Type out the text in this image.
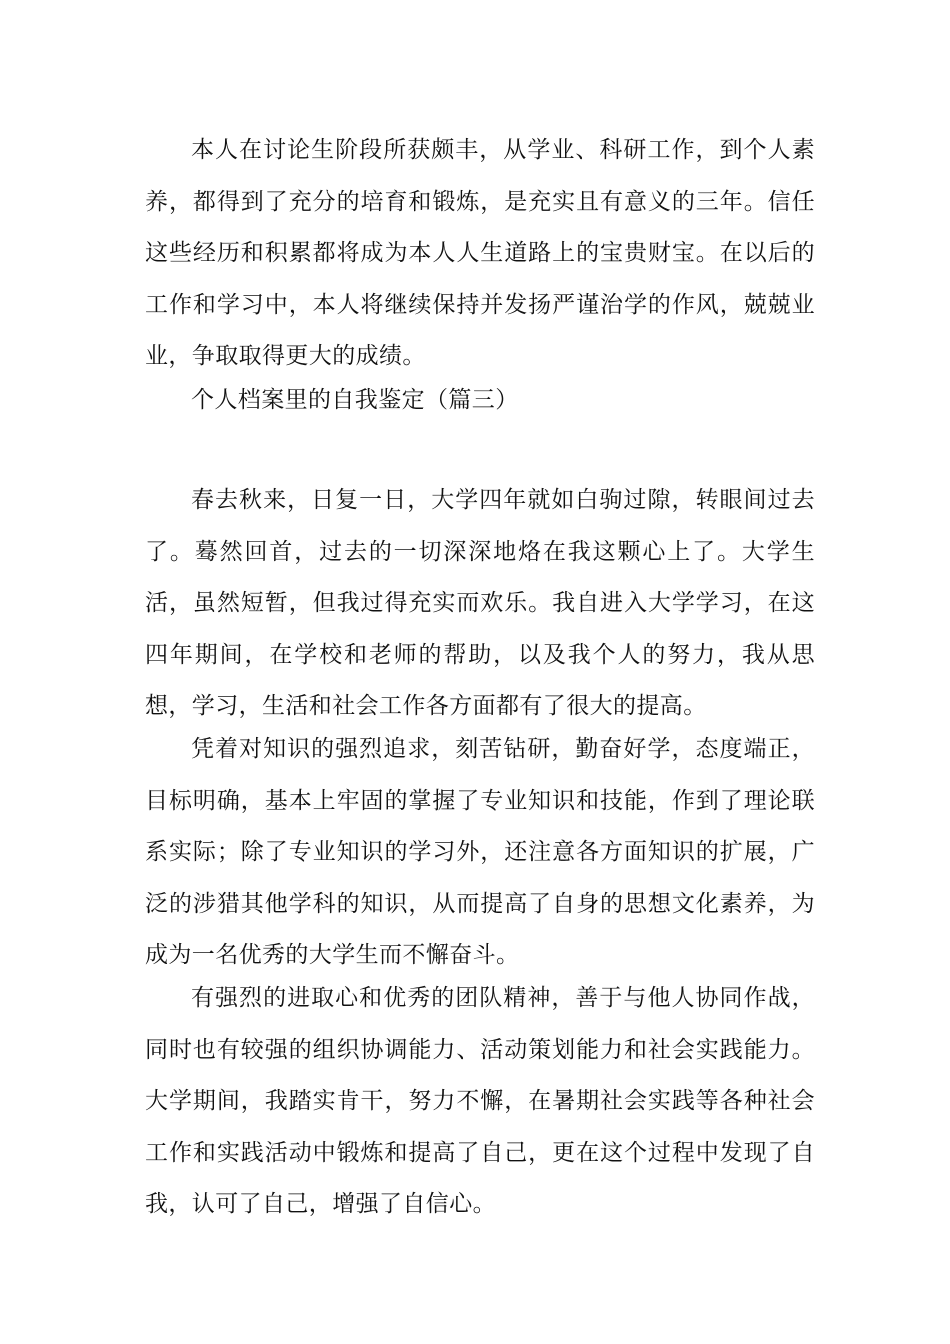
本人在讨论生阶段所获颇丰，从学业、科研工作，到个人素养，都得到了充分的培育和锻炼，是充实且有意义的三年。信任这些经历和积累都将成为本人人生道路上的宝贵财宝。在以后的工作和学习中，本人将继续保持并发扬严谨治学的作风，兢兢业业，争取取得更大的成绩。

个人档案里的自我鉴定（篇三）

春去秋来，日复一日，大学四年就如白驹过隙，转眼间过去了。蓦然回首，过去的一切深深地烙在我这颗心上了。大学生活，虽然短暂，但我过得充实而欢乐。我自进入大学学习，在这四年期间，在学校和老师的帮助，以及我个人的努力，我从思想，学习，生活和社会工作各方面都有了很大的提高。

凭着对知识的强烈追求，刻苦钻研，勤奋好学，态度端正，目标明确，基本上牢固的掌握了专业知识和技能，作到了理论联系实际；除了专业知识的学习外，还注意各方面知识的扩展，广泛的涉猎其他学科的知识，从而提高了自身的思想文化素养，为成为一名优秀的大学生而不懈奋斗。

有强烈的进取心和优秀的团队精神，善于与他人协同作战，同时也有较强的组织协调能力、活动策划能力和社会实践能力。大学期间，我踏实肯干，努力不懈，在暑期社会实践等各种社会工作和实践活动中锻炼和提高了自己，更在这个过程中发现了自我，认可了自己，增强了自信心。
